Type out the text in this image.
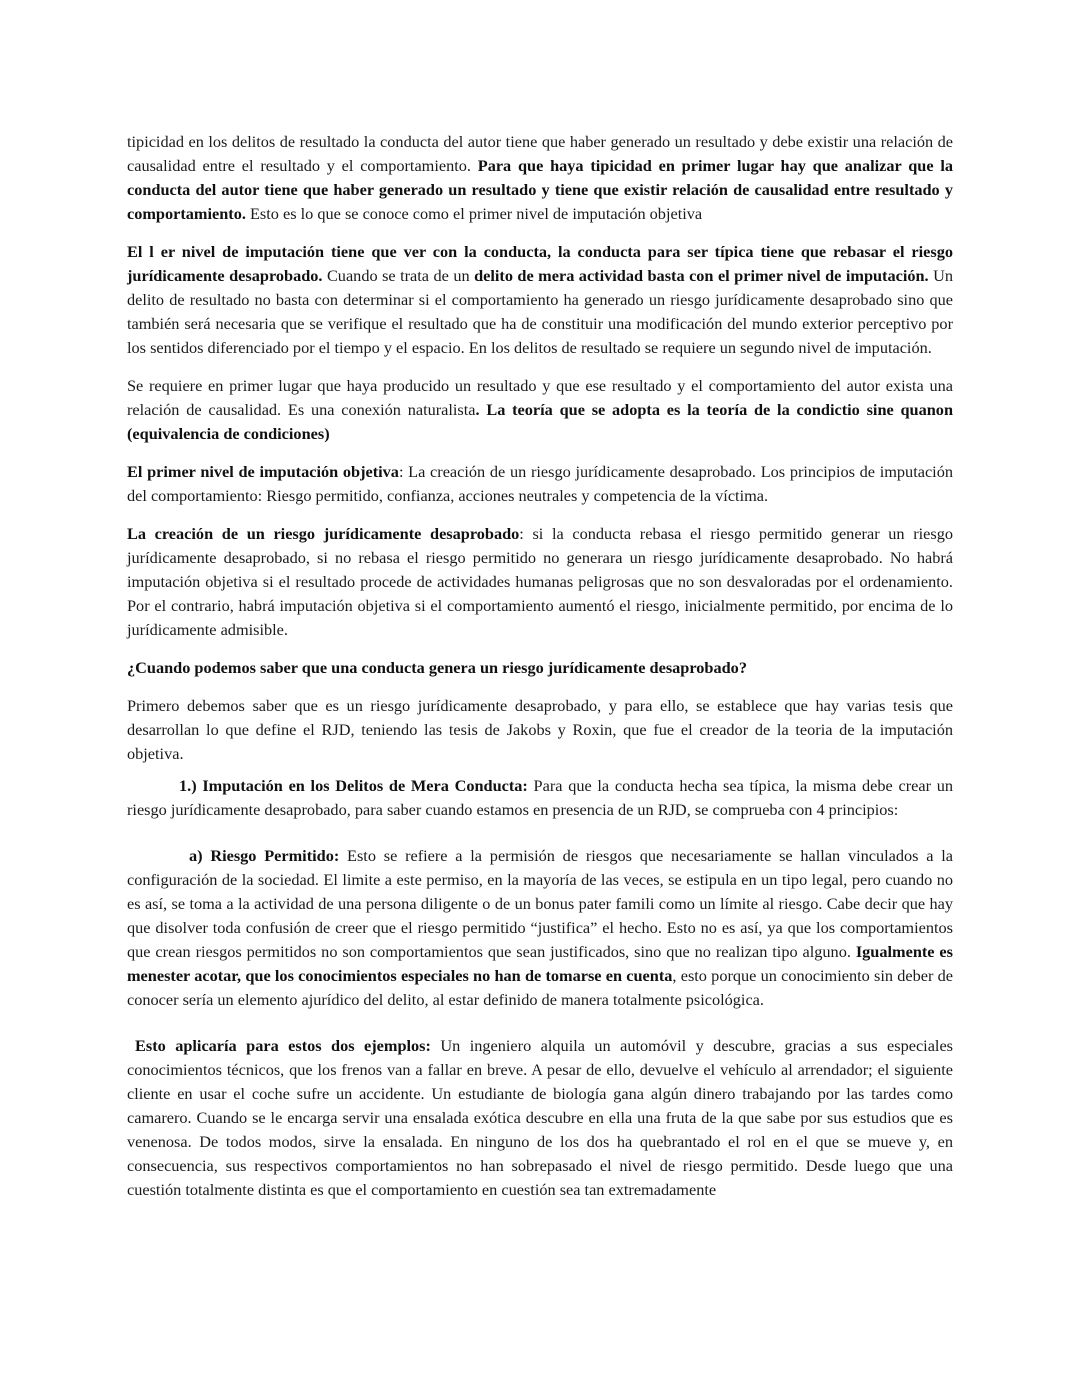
tipicidad en los delitos de resultado la conducta del autor tiene que haber generado un resultado y debe existir una relación de causalidad entre el resultado y el comportamiento. Para que haya tipicidad en primer lugar hay que analizar que la conducta del autor tiene que haber generado un resultado y tiene que existir relación de causalidad entre resultado y comportamiento. Esto es lo que se conoce como el primer nivel de imputación objetiva

El l er nivel de imputación tiene que ver con la conducta, la conducta para ser típica tiene que rebasar el riesgo jurídicamente desaprobado. Cuando se trata de un delito de mera actividad basta con el primer nivel de imputación. Un delito de resultado no basta con determinar si el comportamiento ha generado un riesgo jurídicamente desaprobado sino que también será necesaria que se verifique el resultado que ha de constituir una modificación del mundo exterior perceptivo por los sentidos diferenciado por el tiempo y el espacio. En los delitos de resultado se requiere un segundo nivel de imputación.

Se requiere en primer lugar que haya producido un resultado y que ese resultado y el comportamiento del autor exista una relación de causalidad. Es una conexión naturalista. La teoría que se adopta es la teoría de la condictio sine quanon (equivalencia de condiciones)

El primer nivel de imputación objetiva: La creación de un riesgo jurídicamente desaprobado. Los principios de imputación del comportamiento: Riesgo permitido, confianza, acciones neutrales y competencia de la víctima.

La creación de un riesgo jurídicamente desaprobado: si la conducta rebasa el riesgo permitido generar un riesgo jurídicamente desaprobado, si no rebasa el riesgo permitido no generara un riesgo jurídicamente desaprobado. No habrá imputación objetiva si el resultado procede de actividades humanas peligrosas que no son desvaloradas por el ordenamiento. Por el contrario, habrá imputación objetiva si el comportamiento aumentó el riesgo, inicialmente permitido, por encima de lo jurídicamente admisible.

¿Cuando podemos saber que una conducta genera un riesgo jurídicamente desaprobado?

Primero debemos saber que es un riesgo jurídicamente desaprobado, y para ello, se establece que hay varias tesis que desarrollan lo que define el RJD, teniendo las tesis de Jakobs y Roxin, que fue el creador de la teoria de la imputación objetiva.

1.) Imputación en los Delitos de Mera Conducta: Para que la conducta hecha sea típica, la misma debe crear un riesgo jurídicamente desaprobado, para saber cuando estamos en presencia de un RJD, se comprueba con 4 principios:

a) Riesgo Permitido: Esto se refiere a la permisión de riesgos que necesariamente se hallan vinculados a la configuración de la sociedad. El limite a este permiso, en la mayoría de las veces, se estipula en un tipo legal, pero cuando no es así, se toma a la actividad de una persona diligente o de un bonus pater famili como un límite al riesgo. Cabe decir que hay que disolver toda confusión de creer que el riesgo permitido “justifica” el hecho. Esto no es así, ya que los comportamientos que crean riesgos permitidos no son comportamientos que sean justificados, sino que no realizan tipo alguno. Igualmente es menester acotar, que los conocimientos especiales no han de tomarse en cuenta, esto porque un conocimiento sin deber de conocer sería un elemento ajurídico del delito, al estar definido de manera totalmente psicológica.

Esto aplicaría para estos dos ejemplos: Un ingeniero alquila un automóvil y descubre, gracias a sus especiales conocimientos técnicos, que los frenos van a fallar en breve. A pesar de ello, devuelve el vehículo al arrendador; el siguiente cliente en usar el coche sufre un accidente. Un estudiante de biología gana algún dinero trabajando por las tardes como camarero. Cuando se le encarga servir una ensalada exótica descubre en ella una fruta de la que sabe por sus estudios que es venenosa. De todos modos, sirve la ensalada. En ninguno de los dos ha quebrantado el rol en el que se mueve y, en consecuencia, sus respectivos comportamientos no han sobrepasado el nivel de riesgo permitido. Desde luego que una cuestión totalmente distinta es que el comportamiento en cuestión sea tan extremadamente
